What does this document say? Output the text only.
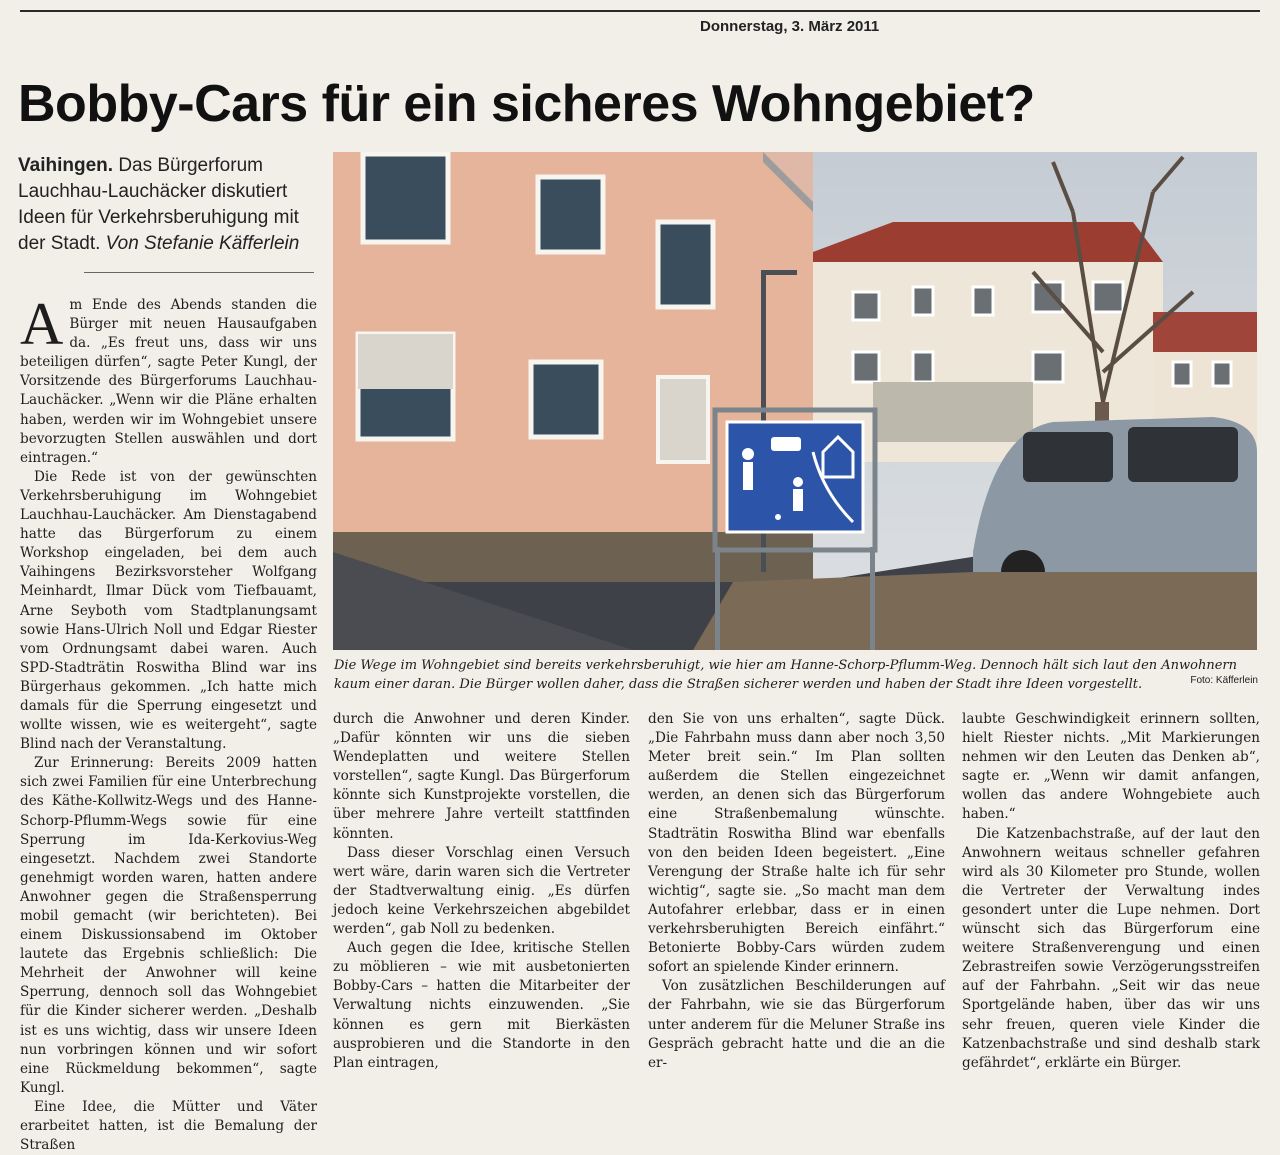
Donnerstag, 3. März 2011
Bobby-Cars für ein sicheres Wohngebiet?
Vaihingen. Das Bürgerforum Lauchhau-Lauchäcker diskutiert Ideen für Verkehrsberuhigung mit der Stadt. Von Stefanie Käfferlein
Die Wege im Wohngebiet sind bereits verkehrsberuhigt, wie hier am Hanne-Schorp-Pflumm-Weg. Dennoch hält sich laut den Anwohnern kaum einer daran. Die Bürger wollen daher, dass die Straßen sicherer werden und haben der Stadt ihre Ideen vorgestellt.	Foto: Käfferlein

Am Ende des Abends standen die Bürger mit neuen Hausaufgaben da. „Es freut uns, dass wir uns beteiligen dürfen“, sagte Peter Kungl, der Vorsitzende des Bürgerforums Lauchhau-Lauchäcker. „Wenn wir die Pläne erhalten haben, werden wir im Wohngebiet unsere bevorzugten Stellen auswählen und dort eintragen.“

Die Rede ist von der gewünschten Verkehrsberuhigung im Wohngebiet Lauchhau-Lauchäcker. Am Dienstagabend hatte das Bürgerforum zu einem Workshop eingeladen, bei dem auch Vaihingens Bezirksvorsteher Wolfgang Meinhardt, Ilmar Dück vom Tiefbauamt, Arne Seyboth vom Stadtplanungsamt sowie Hans-Ulrich Noll und Edgar Riester vom Ordnungsamt dabei waren. Auch SPD-Stadträtin Roswitha Blind war ins Bürgerhaus gekommen. „Ich hatte mich damals für die Sperrung eingesetzt und wollte wissen, wie es weitergeht“, sagte Blind nach der Veranstaltung.

Zur Erinnerung: Bereits 2009 hatten sich zwei Familien für eine Unterbrechung des Käthe-Kollwitz-Wegs und des Hanne-Schorp-Pflumm-Wegs sowie für eine Sperrung im Ida-Kerkovius-Weg eingesetzt. Nachdem zwei Standorte genehmigt worden waren, hatten andere Anwohner gegen die Straßensperrung mobil gemacht (wir berichteten). Bei einem Diskussionsabend im Oktober lautete das Ergebnis schließlich: Die Mehrheit der Anwohner will keine Sperrung, dennoch soll das Wohngebiet für die Kinder sicherer werden. „Deshalb ist es uns wichtig, dass wir unsere Ideen nun vorbringen können und wir sofort eine Rückmeldung bekommen“, sagte Kungl.

Eine Idee, die Mütter und Väter erarbeitet hatten, ist die Bemalung der Straßen

durch die Anwohner und deren Kinder. „Dafür könnten wir uns die sieben Wendeplatten und weitere Stellen vorstellen“, sagte Kungl. Das Bürgerforum könnte sich Kunstprojekte vorstellen, die über mehrere Jahre verteilt stattfinden könnten.

Dass dieser Vorschlag einen Versuch wert wäre, darin waren sich die Vertreter der Stadtverwaltung einig. „Es dürfen jedoch keine Verkehrszeichen abgebildet werden“, gab Noll zu bedenken.

Auch gegen die Idee, kritische Stellen zu möblieren – wie mit ausbetonierten Bobby-Cars – hatten die Mitarbeiter der Verwaltung nichts einzuwenden. „Sie können es gern mit Bierkästen ausprobieren und die Standorte in den Plan eintragen,

den Sie von uns erhalten“, sagte Dück. „Die Fahrbahn muss dann aber noch 3,50 Meter breit sein.“ Im Plan sollten außerdem die Stellen eingezeichnet werden, an denen sich das Bürgerforum eine Straßenbemalung wünschte. Stadträtin Roswitha Blind war ebenfalls von den beiden Ideen begeistert. „Eine Verengung der Straße halte ich für sehr wichtig“, sagte sie. „So macht man dem Autofahrer erlebbar, dass er in einen verkehrsberuhigten Bereich einfährt.“ Betonierte Bobby-Cars würden zudem sofort an spielende Kinder erinnern.

Von zusätzlichen Beschilderungen auf der Fahrbahn, wie sie das Bürgerforum unter anderem für die Meluner Straße ins Gespräch gebracht hatte und die an die er-

laubte Geschwindigkeit erinnern sollten, hielt Riester nichts. „Mit Markierungen nehmen wir den Leuten das Denken ab“, sagte er. „Wenn wir damit anfangen, wollen das andere Wohngebiete auch haben.“

Die Katzenbachstraße, auf der laut den Anwohnern weitaus schneller gefahren wird als 30 Kilometer pro Stunde, wollen die Vertreter der Verwaltung indes gesondert unter die Lupe nehmen. Dort wünscht sich das Bürgerforum eine weitere Straßenverengung und einen Zebrastreifen sowie Verzögerungsstreifen auf der Fahrbahn. „Seit wir das neue Sportgelände haben, über das wir uns sehr freuen, queren viele Kinder die Katzenbachstraße und sind deshalb stark gefährdet“, erklärte ein Bürger.
